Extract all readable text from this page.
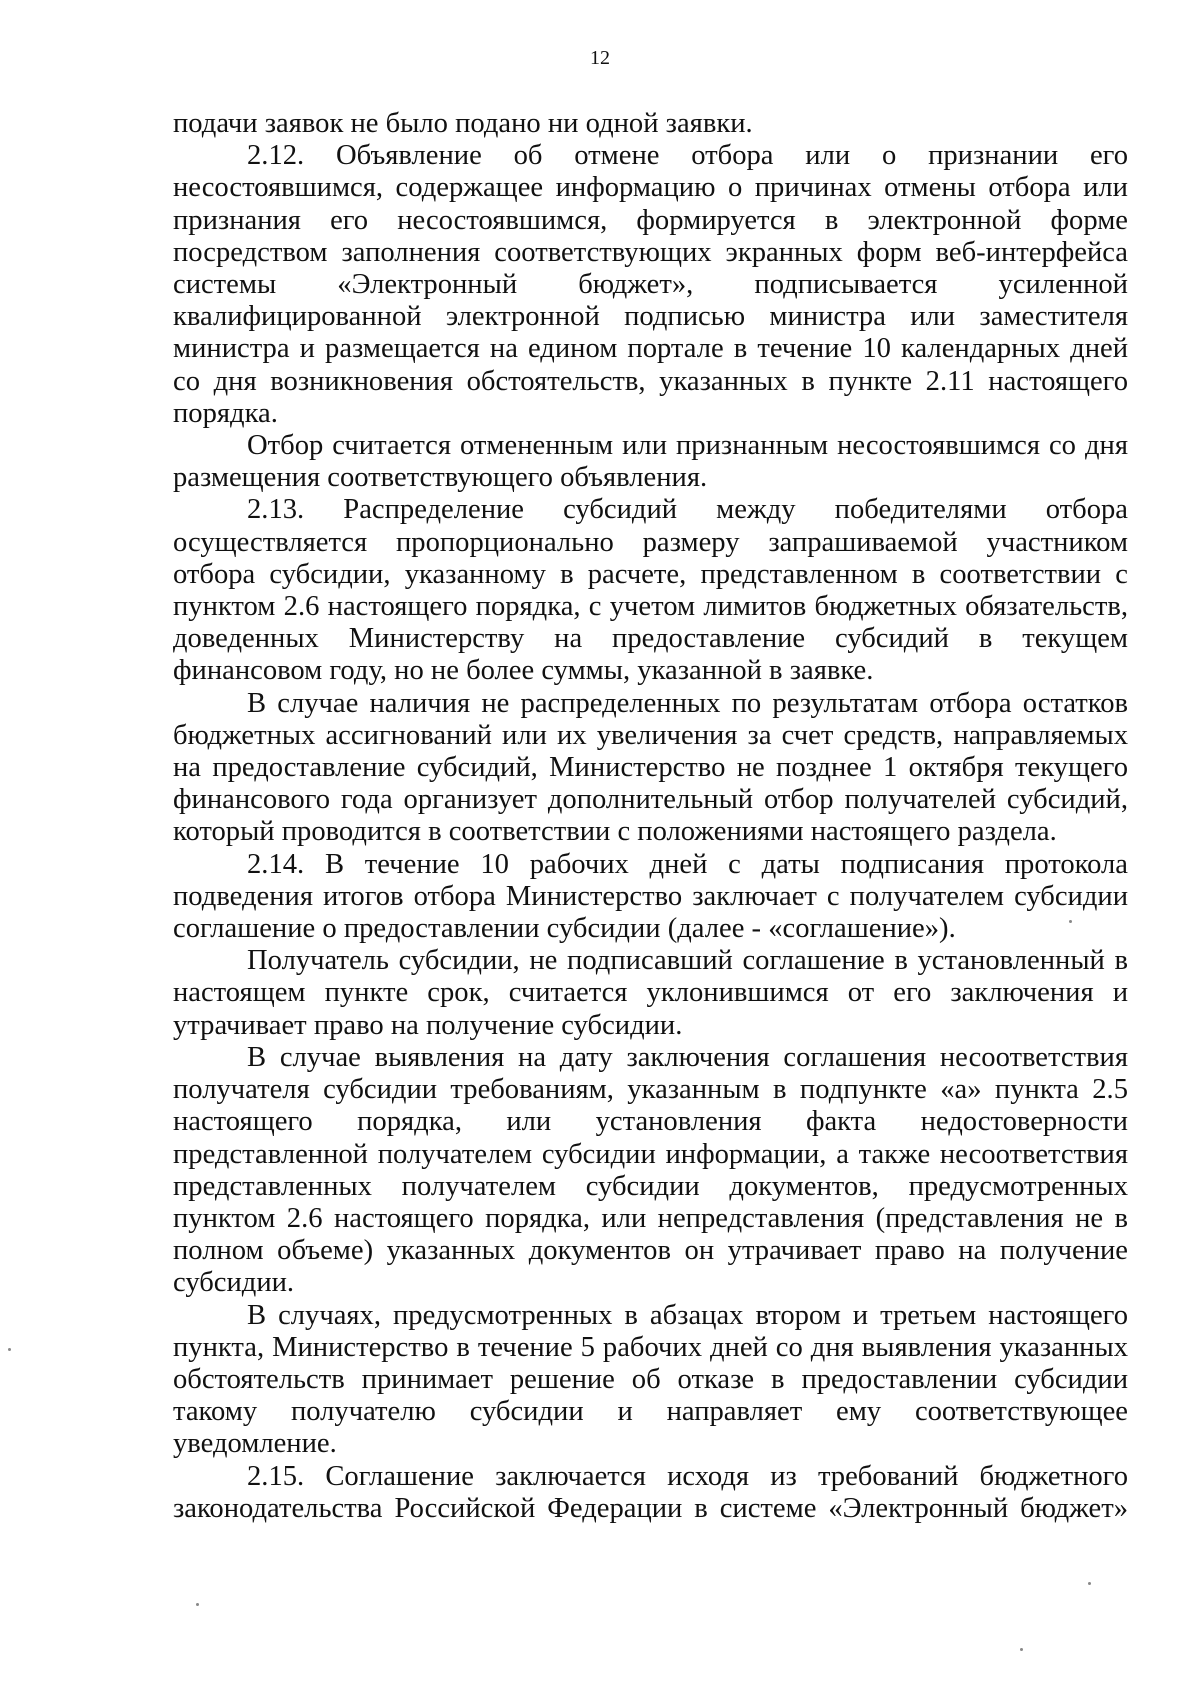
12

подачи заявок не было подано ни одной заявки.

2.12. Объявление об отмене отбора или о признании его
несостоявшимся, содержащее информацию о причинах отмены отбора или
признания его несостоявшимся, формируется в электронной форме
посредством заполнения соответствующих экранных форм веб-интерфейса
системы «Электронный бюджет», подписывается усиленной
квалифицированной электронной подписью министра или заместителя
министра и размещается на едином портале в течение 10 календарных дней
со дня возникновения обстоятельств, указанных в пункте 2.11 настоящего
порядка.

Отбор считается отмененным или признанным несостоявшимся со дня
размещения соответствующего объявления.

2.13. Распределение субсидий между победителями отбора
осуществляется пропорционально размеру запрашиваемой участником
отбора субсидии, указанному в расчете, представленном в соответствии с
пунктом 2.6 настоящего порядка, с учетом лимитов бюджетных обязательств,
доведенных Министерству на предоставление субсидий в текущем
финансовом году, но не более суммы, указанной в заявке.

В случае наличия не распределенных по результатам отбора остатков
бюджетных ассигнований или их увеличения за счет средств, направляемых
на предоставление субсидий, Министерство не позднее 1 октября текущего
финансового года организует дополнительный отбор получателей субсидий,
который проводится в соответствии с положениями настоящего раздела.

2.14. В течение 10 рабочих дней с даты подписания протокола
подведения итогов отбора Министерство заключает с получателем субсидии
соглашение о предоставлении субсидии (далее - «соглашение»).

Получатель субсидии, не подписавший соглашение в установленный в
настоящем пункте срок, считается уклонившимся от его заключения и
утрачивает право на получение субсидии.

В случае выявления на дату заключения соглашения несоответствия
получателя субсидии требованиям, указанным в подпункте «а» пункта 2.5
настоящего порядка, или установления факта недостоверности
представленной получателем субсидии информации, а также несоответствия
представленных получателем субсидии документов, предусмотренных
пунктом 2.6 настоящего порядка, или непредставления (представления не в
полном объеме) указанных документов он утрачивает право на получение
субсидии.

В случаях, предусмотренных в абзацах втором и третьем настоящего
пункта, Министерство в течение 5 рабочих дней со дня выявления указанных
обстоятельств принимает решение об отказе в предоставлении субсидии
такому получателю субсидии и направляет ему соответствующее
уведомление.

2.15. Соглашение заключается исходя из требований бюджетного
законодательства Российской Федерации в системе «Электронный бюджет»
